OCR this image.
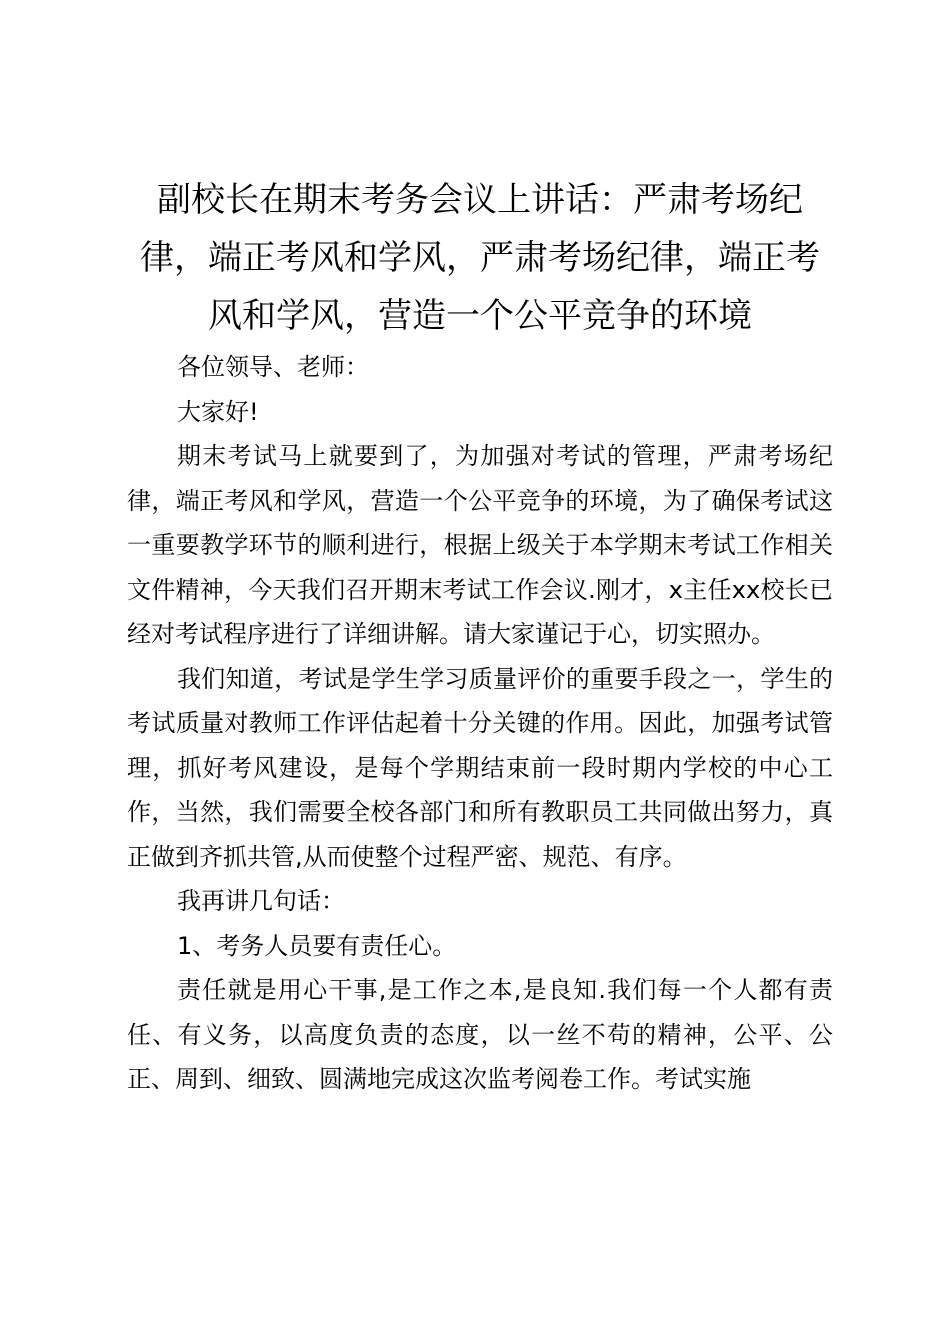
副校长在期末考务会议上讲话：严肃考场纪律，端正考风和学风，严肃考场纪律，端正考风和学风，营造一个公平竞争的环境

各位领导、老师：

大家好!

期末考试马上就要到了，为加强对考试的管理，严肃考场纪律，端正考风和学风，营造一个公平竞争的环境，为了确保考试这一重要教学环节的顺利进行，根据上级关于本学期末考试工作相关文件精神，今天我们召开期末考试工作会议.刚才，x主任xx校长已经对考试程序进行了详细讲解。请大家谨记于心，切实照办。

我们知道，考试是学生学习质量评价的重要手段之一，学生的考试质量对教师工作评估起着十分关键的作用。因此，加强考试管理，抓好考风建设，是每个学期结束前一段时期内学校的中心工作，当然，我们需要全校各部门和所有教职员工共同做出努力，真正做到齐抓共管,从而使整个过程严密、规范、有序。

我再讲几句话：

1、考务人员要有责任心。

责任就是用心干事,是工作之本,是良知.我们每一个人都有责任、有义务，以高度负责的态度，以一丝不苟的精神，公平、公正、周到、细致、圆满地完成这次监考阅卷工作。考试实施
